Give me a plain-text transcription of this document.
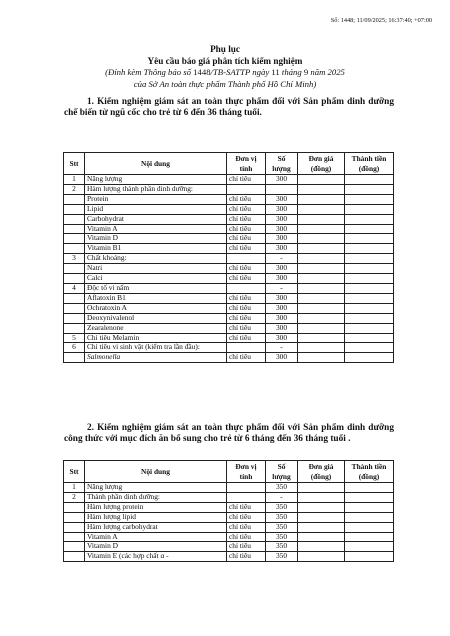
Số: 1448; 11/09/2025; 16:37:40; +07:00
Phụ lục
Yêu cầu báo giá phân tích kiểm nghiệm
(Đính kèm Thông báo số 1448/TB-SATTP ngày 11 tháng 9 năm 2025
của Sở An toàn thực phẩm Thành phố Hồ Chí Minh)
1. Kiểm nghiệm giám sát an toàn thực phẩm đối với Sản phẩm dinh dưỡng chế biến từ ngũ cốc cho trẻ từ 6 đến 36 tháng tuổi.
Stt	Nội dung	Đơn vị tính	Số lượng	Đơn giá (đồng)	Thành tiền (đồng)
1	Năng lượng	chỉ tiêu	300		
2	Hàm lượng thành phần dinh dưỡng:				
	Protein	chỉ tiêu	300		
	Lipid	chỉ tiêu	300		
	Carbohydrat	chỉ tiêu	300		
	Vitamin A	chỉ tiêu	300		
	Vitamin D	chỉ tiêu	300		
	Vitamin B1	chỉ tiêu	300		
3	Chất khoáng:		-		
	Natri	chỉ tiêu	300		
	Calci	chỉ tiêu	300		
4	Độc tố vi nấm		-		
	Aflatoxin B1	chỉ tiêu	300		
	Ochratoxin A	chỉ tiêu	300		
	Deoxynivalenol	chỉ tiêu	300		
	Zearalenone	chỉ tiêu	300		
5	Chỉ tiêu Melamin	chỉ tiêu	300		
6	Chỉ tiêu vi sinh vật (kiểm tra lần đầu):		-		
	Salmonella	chỉ tiêu	300		
2. Kiểm nghiệm giám sát an toàn thực phẩm đối với Sản phẩm dinh dưỡng công thức với mục đích ăn bổ sung cho trẻ từ 6 tháng đến 36 tháng tuổi .
Stt	Nội dung	Đơn vị tính	Số lượng	Đơn giá (đồng)	Thành tiền (đồng)
1	Năng lượng		350		
2	Thành phần dinh dưỡng:		-		
	Hàm lượng protein	chỉ tiêu	350		
	Hàm lượng lipid	chỉ tiêu	350		
	Hàm lượng carbohydrat	chỉ tiêu	350		
	Vitamin A	chỉ tiêu	350		
	Vitamin D	chỉ tiêu	350		
	Vitamin E (các hợp chất α -	chỉ tiêu	350		
